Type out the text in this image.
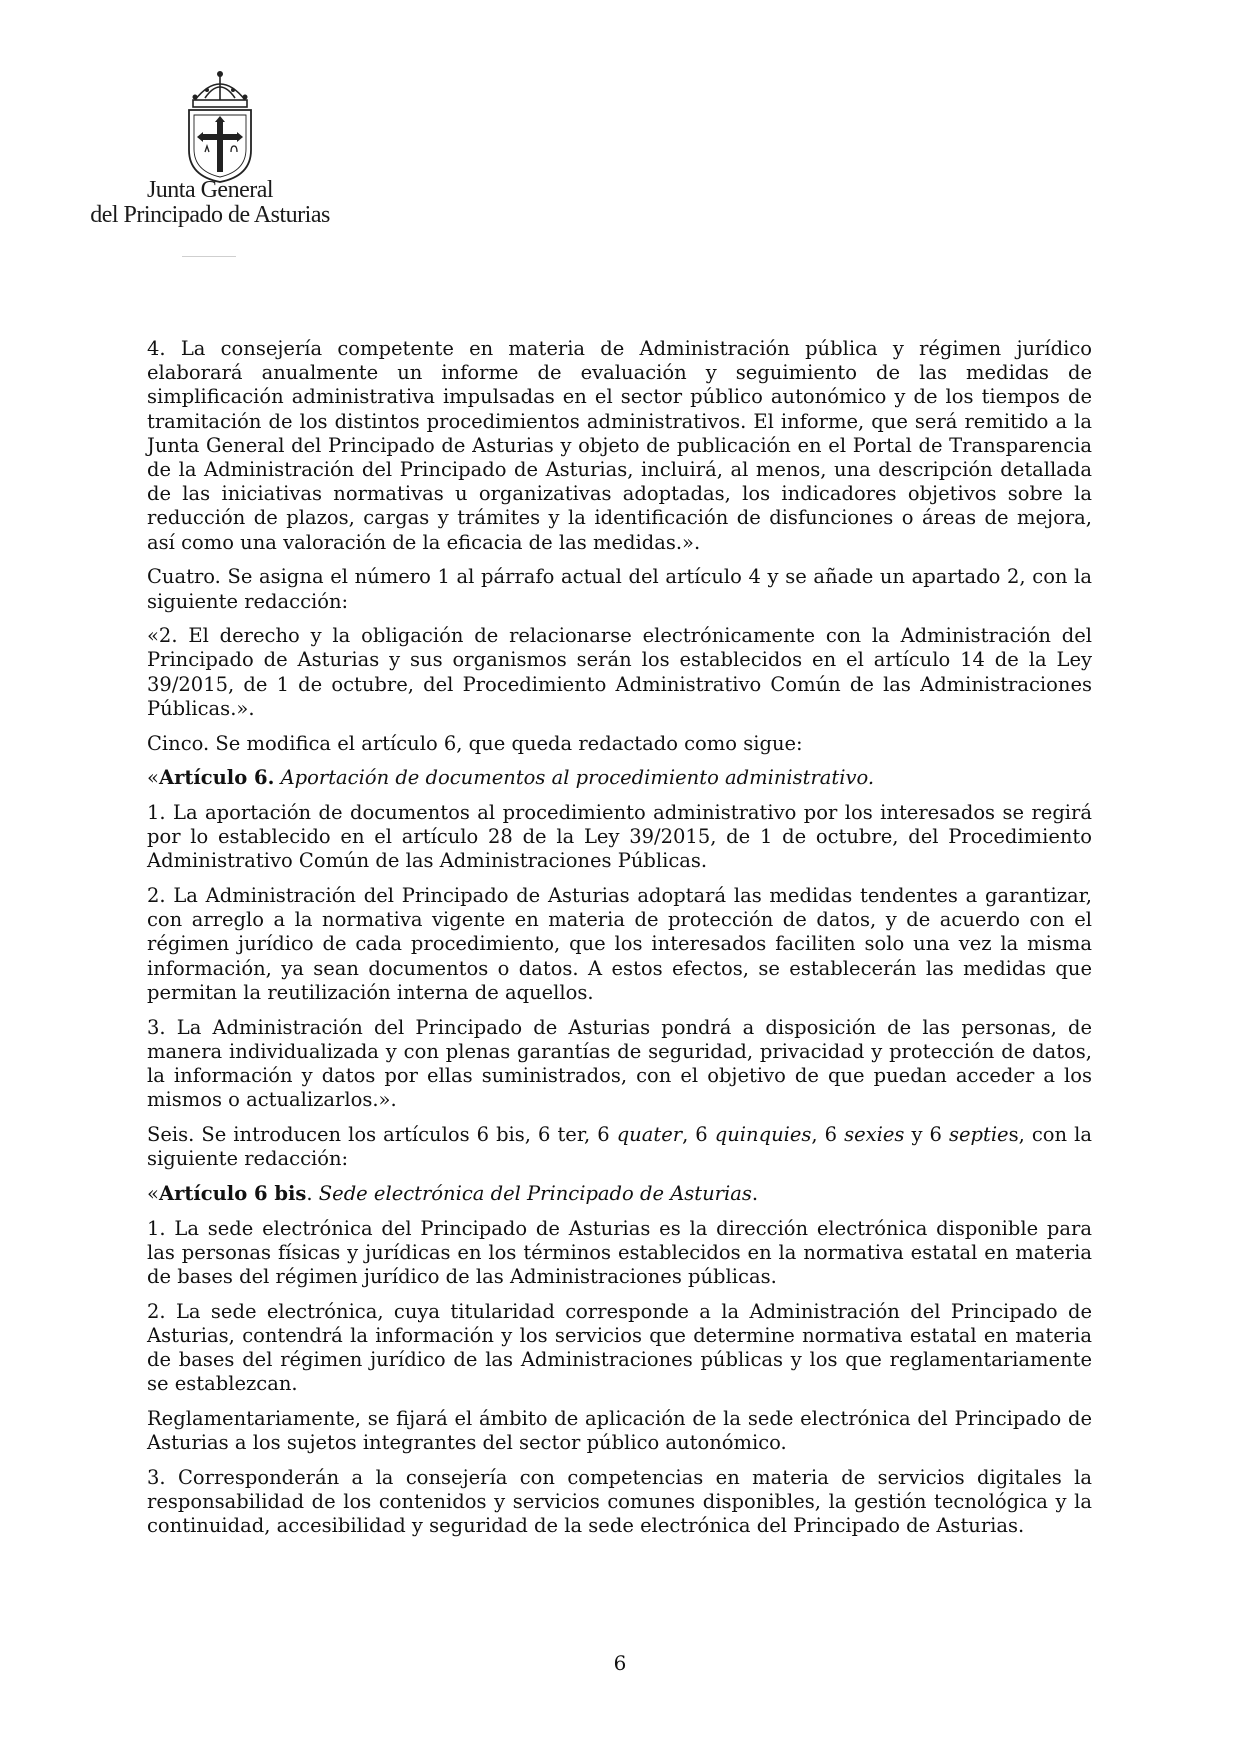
Junta General
del Principado de Asturias

4. La consejería competente en materia de Administración pública y régimen jurídico elaborará anualmente un informe de evaluación y seguimiento de las medidas de simplificación administrativa impulsadas en el sector público autonómico y de los tiempos de tramitación de los distintos procedimientos administrativos. El informe, que será remitido a la Junta General del Principado de Asturias y objeto de publicación en el Portal de Transparencia de la Administración del Principado de Asturias, incluirá, al menos, una descripción detallada de las iniciativas normativas u organizativas adoptadas, los indicadores objetivos sobre la reducción de plazos, cargas y trámites y la identificación de disfunciones o áreas de mejora, así como una valoración de la eficacia de las medidas.».

Cuatro. Se asigna el número 1 al párrafo actual del artículo 4 y se añade un apartado 2, con la siguiente redacción:

«2. El derecho y la obligación de relacionarse electrónicamente con la Administración del Principado de Asturias y sus organismos serán los establecidos en el artículo 14 de la Ley 39/2015, de 1 de octubre, del Procedimiento Administrativo Común de las Administraciones Públicas.».

Cinco. Se modifica el artículo 6, que queda redactado como sigue:

«Artículo 6. Aportación de documentos al procedimiento administrativo.

1. La aportación de documentos al procedimiento administrativo por los interesados se regirá por lo establecido en el artículo 28 de la Ley 39/2015, de 1 de octubre, del Procedimiento Administrativo Común de las Administraciones Públicas.

2. La Administración del Principado de Asturias adoptará las medidas tendentes a garantizar, con arreglo a la normativa vigente en materia de protección de datos, y de acuerdo con el régimen jurídico de cada procedimiento, que los interesados faciliten solo una vez la misma información, ya sean documentos o datos. A estos efectos, se establecerán las medidas que permitan la reutilización interna de aquellos.

3. La Administración del Principado de Asturias pondrá a disposición de las personas, de manera individualizada y con plenas garantías de seguridad, privacidad y protección de datos, la información y datos por ellas suministrados, con el objetivo de que puedan acceder a los mismos o actualizarlos.».

Seis. Se introducen los artículos 6 bis, 6 ter, 6 quater, 6 quinquies, 6 sexies y 6 septies, con la siguiente redacción:

«Artículo 6 bis. Sede electrónica del Principado de Asturias.

1. La sede electrónica del Principado de Asturias es la dirección electrónica disponible para las personas físicas y jurídicas en los términos establecidos en la normativa estatal en materia de bases del régimen jurídico de las Administraciones públicas.

2. La sede electrónica, cuya titularidad corresponde a la Administración del Principado de Asturias, contendrá la información y los servicios que determine normativa estatal en materia de bases del régimen jurídico de las Administraciones públicas y los que reglamentariamente se establezcan.

Reglamentariamente, se fijará el ámbito de aplicación de la sede electrónica del Principado de Asturias a los sujetos integrantes del sector público autonómico.

3. Corresponderán a la consejería con competencias en materia de servicios digitales la responsabilidad de los contenidos y servicios comunes disponibles, la gestión tecnológica y la continuidad, accesibilidad y seguridad de la sede electrónica del Principado de Asturias.

6
